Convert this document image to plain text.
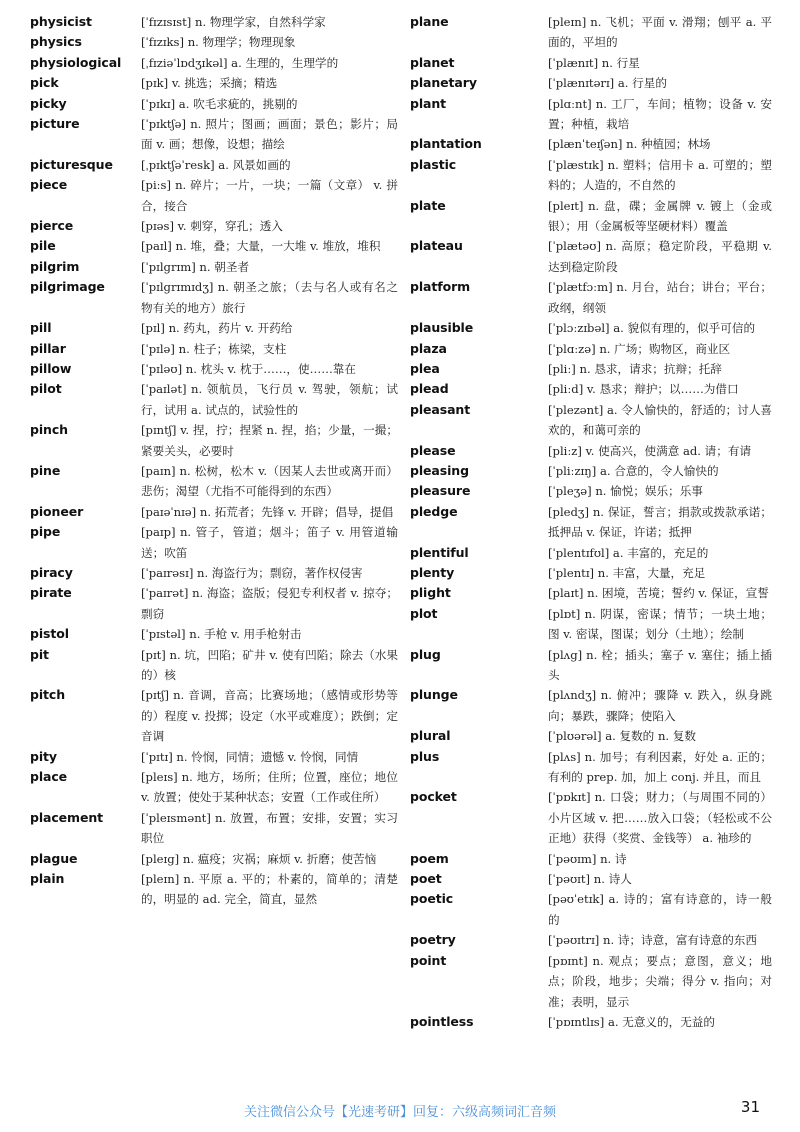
physicist	[ˈfɪzɪsɪst] n. 物理学家，自然科学家
physics	[ˈfɪzɪks] n. 物理学；物理现象
physiological	[ˌfɪziəˈlɒdʒɪkəl] a. 生理的，生理学的
pick	[pɪk] v. 挑选；采摘；精选
picky	[ˈpɪkɪ] a. 吹毛求疵的，挑剔的
picture	[ˈpɪktʃə] n. 照片；图画；画面；景色；影片；局面 v. 画；想像，设想；描绘
picturesque	[ˌpɪktʃəˈresk] a. 风景如画的
piece	[piːs] n. 碎片；一片，一块；一篇（文章） v. 拼合，接合
pierce	[pɪəs] v. 刺穿，穿孔；透入
pile	[paɪl] n. 堆，叠；大量，一大堆 v. 堆放，堆积
pilgrim	[ˈpɪlgrɪm] n. 朝圣者
pilgrimage	[ˈpɪlgrɪmɪdʒ] n. 朝圣之旅；（去与名人或有名之物有关的地方）旅行
pill	[pɪl] n. 药丸，药片 v. 开药给
pillar	[ˈpɪlə] n. 柱子；栋梁，支柱
pillow	[ˈpɪləʊ] n. 枕头 v. 枕于……，使……靠在
pilot	[ˈpaɪlət] n. 领航员，飞行员 v. 驾驶，领航；试行，试用 a. 试点的，试验性的
pinch	[pɪntʃ] v. 捏，拧；捏紧 n. 捏，掐；少量，一撮；紧要关头，必要时
pine	[paɪn] n. 松树，松木 v.（因某人去世或离开而）悲伤；渴望（尤指不可能得到的东西）
pioneer	[paɪəˈnɪə] n. 拓荒者；先锋 v. 开辟；倡导，提倡
pipe	[paɪp] n. 管子，管道；烟斗；笛子 v. 用管道输送；吹笛
piracy	[ˈpaɪrəsɪ] n. 海盗行为；剽窃，著作权侵害
pirate	[ˈpaɪrət] n. 海盗；盗版；侵犯专利权者 v. 掠夺；剽窃
pistol	[ˈpɪstəl] n. 手枪 v. 用手枪射击
pit	[pɪt] n. 坑，凹陷；矿井 v. 使有凹陷；除去（水果的）核
pitch	[pɪtʃ] n. 音调，音高；比赛场地；（感情或形势等的）程度 v. 投掷；设定（水平或难度）；跌倒；定音调
pity	[ˈpɪtɪ] n. 怜悯，同情；遗憾 v. 怜悯，同情
place	[pleɪs] n. 地方，场所；住所；位置，座位；地位 v. 放置；使处于某种状态；安置（工作或住所）
placement	[ˈpleɪsmənt] n. 放置，布置；安排，安置；实习职位
plague	[pleɪg] n. 瘟疫；灾祸；麻烦 v. 折磨；使苦恼
plain	[pleɪn] n. 平原 a. 平的；朴素的，简单的；清楚的，明显的 ad. 完全，简直，显然
plane	[pleɪn] n. 飞机；平面 v. 滑翔；刨平 a. 平面的，平坦的
planet	[ˈplænɪt] n. 行星
planetary	[ˈplænɪtərɪ] a. 行星的
plant	[plɑːnt] n. 工厂，车间；植物；设备 v. 安置；种植，栽培
plantation	[plænˈteɪʃən] n. 种植园；林场
plastic	[ˈplæstɪk] n. 塑料；信用卡 a. 可塑的；塑料的；人造的，不自然的
plate	[pleɪt] n. 盘，碟；金属牌 v. 镀上（金或银）；用（金属板等坚硬材料）覆盖
plateau	[ˈplætəʊ] n. 高原；稳定阶段，平稳期 v. 达到稳定阶段
platform	[ˈplætfɔːm] n. 月台，站台；讲台；平台；政纲，纲领
plausible	[ˈplɔːzɪbəl] a. 貌似有理的，似乎可信的
plaza	[ˈplɑːzə] n. 广场；购物区，商业区
plea	[pliː] n. 恳求，请求；抗辩；托辞
plead	[pliːd] v. 恳求；辩护；以……为借口
pleasant	[ˈplezənt] a. 令人愉快的，舒适的；讨人喜欢的，和蔼可亲的
please	[pliːz] v. 使高兴，使满意 ad. 请；有请
pleasing	[ˈpliːzɪŋ] a. 合意的，令人愉快的
pleasure	[ˈpleʒə] n. 愉悦；娱乐；乐事
pledge	[pledʒ] n. 保证，誓言；捐款或拨款承诺；抵押品 v. 保证，许诺；抵押
plentiful	[ˈplentɪfʊl] a. 丰富的，充足的
plenty	[ˈplentɪ] n. 丰富，大量，充足
plight	[plaɪt] n. 困境，苦境；誓约 v. 保证，宣誓
plot	[plɒt] n. 阴谋，密谋；情节；一块土地；图 v. 密谋，图谋；划分（土地）；绘制
plug	[plʌg] n. 栓；插头；塞子 v. 塞住；插上插头
plunge	[plʌndʒ] n. 俯冲；骤降 v. 跌入，纵身跳向；暴跌，骤降；使陷入
plural	[ˈplʊərəl] a. 复数的 n. 复数
plus	[plʌs] n. 加号；有利因素，好处 a. 正的；有利的 prep. 加，加上 conj. 并且，而且
pocket	[ˈpɒkɪt] n. 口袋；财力；（与周围不同的）小片区域 v. 把……放入口袋；（轻松或不公正地）获得（奖赏、金钱等） a. 袖珍的
poem	[ˈpəʊɪm] n. 诗
poet	[ˈpəʊɪt] n. 诗人
poetic	[pəʊˈetɪk] a. 诗的；富有诗意的，诗一般的
poetry	[ˈpəʊɪtrɪ] n. 诗；诗意，富有诗意的东西
point	[pɒɪnt] n. 观点；要点；意图，意义；地点；阶段，地步；尖端；得分 v. 指向；对准；表明，显示
pointless	[ˈpɒɪntlɪs] a. 无意义的，无益的
关注微信公众号【光速考研】回复：六级高频词汇音频	31
